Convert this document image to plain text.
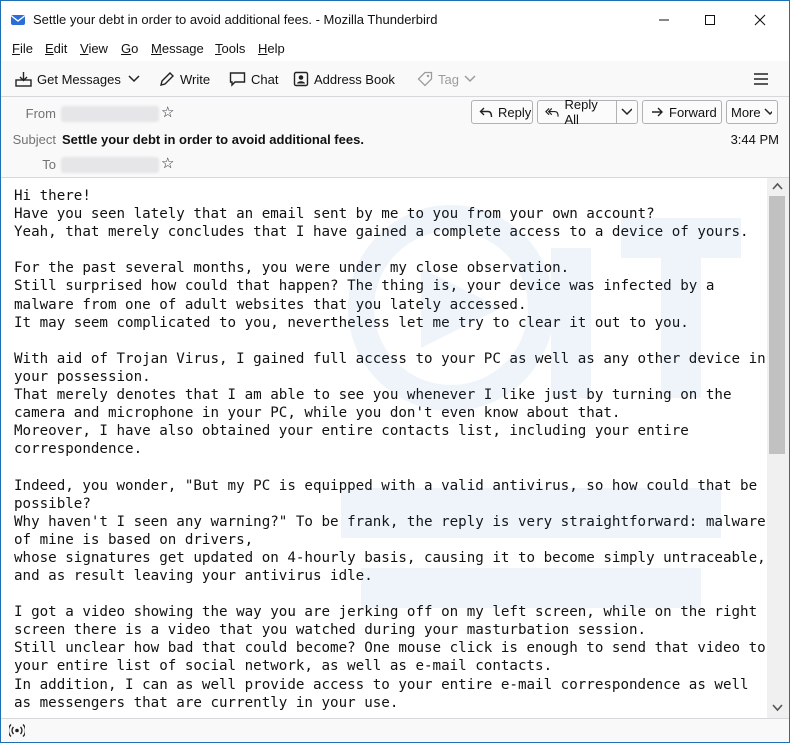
Settle your debt in order to avoid additional fees. - Mozilla Thunderbird
File Edit View Go Message Tools Help
Get Messages	Write	Chat	Address Book	Tag
From	☆
Subject Settle your debt in order to avoid additional fees.	3:44 PM
To	☆
Reply	Reply All	Forward More
Hi there!
Have you seen lately that an email sent by me to you from your own account?
Yeah, that merely concludes that I have gained a complete access to a device of yours.

For the past several months, you were under my close observation.
Still surprised how could that happen? The thing is, your device was infected by a
malware from one of adult websites that you lately accessed.
It may seem complicated to you, nevertheless let me try to clear it out to you.

With aid of Trojan Virus, I gained full access to your PC as well as any other device in
your possession.
That merely denotes that I am able to see you whenever I like just by turning on the
camera and microphone in your PC, while you don't even know about that.
Moreover, I have also obtained your entire contacts list, including your entire
correspondence.

Indeed, you wonder, "But my PC is equipped with a valid antivirus, so how could that be
possible?
Why haven't I seen any warning?" To be frank, the reply is very straightforward: malware
of mine is based on drivers,
whose signatures get updated on 4-hourly basis, causing it to become simply untraceable,
and as result leaving your antivirus idle.

I got a video showing the way you are jerking off on my left screen, while on the right
screen there is a video that you watched during your masturbation session.
Still unclear how bad that could become? One mouse click is enough to send that video to
your entire list of social network, as well as e-mail contacts.
In addition, I can as well provide access to your entire e-mail correspondence as well
as messengers that are currently in your use.
